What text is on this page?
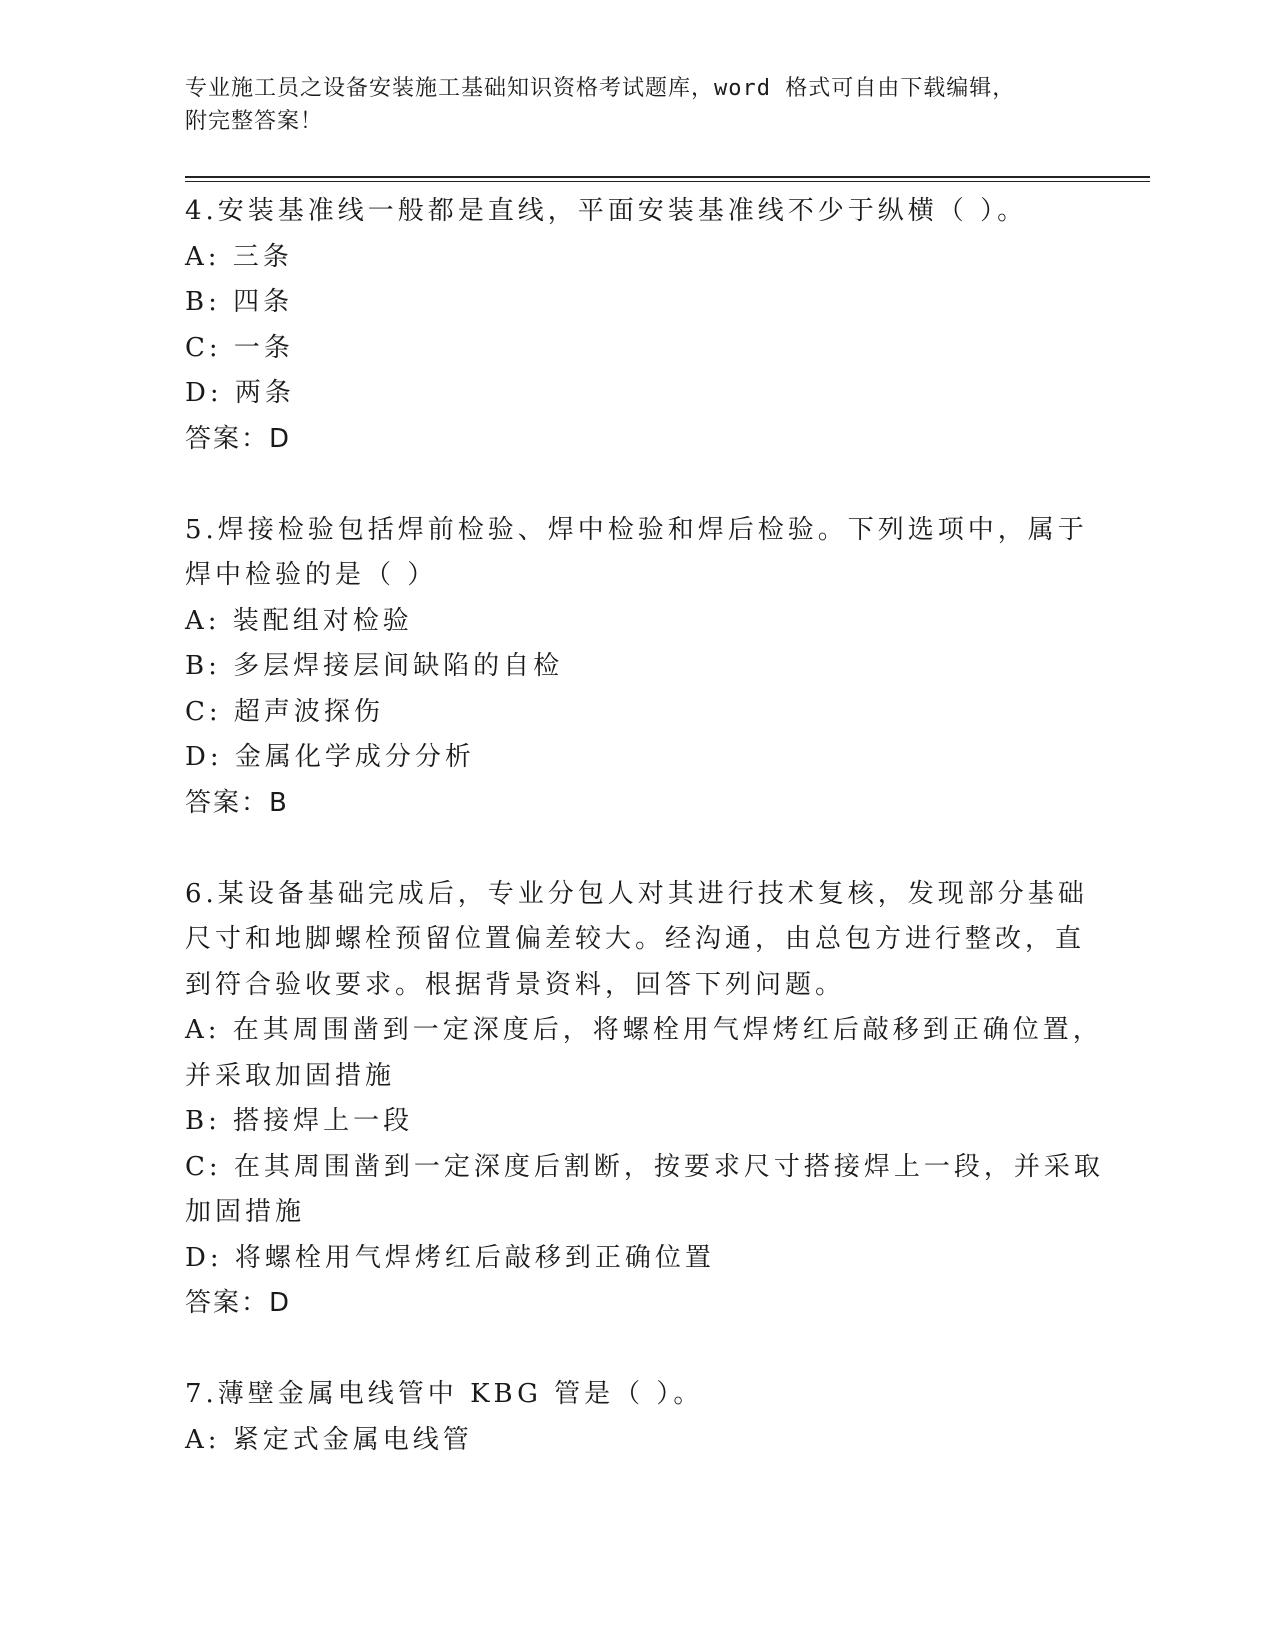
专业施工员之设备安装施工基础知识资格考试题库，word 格式可自由下载编辑，
附完整答案！
4.安装基准线一般都是直线，平面安装基准线不少于纵横（ ）。
A: 三条
B: 四条
C: 一条
D: 两条
答案：D
5.焊接检验包括焊前检验、焊中检验和焊后检验。下列选项中，属于
焊中检验的是（ ）
A: 装配组对检验
B: 多层焊接层间缺陷的自检
C: 超声波探伤
D: 金属化学成分分析
答案：B
6.某设备基础完成后，专业分包人对其进行技术复核，发现部分基础
尺寸和地脚螺栓预留位置偏差较大。经沟通，由总包方进行整改，直
到符合验收要求。根据背景资料，回答下列问题。
A: 在其周围凿到一定深度后，将螺栓用气焊烤红后敲移到正确位置，
并采取加固措施
B: 搭接焊上一段
C: 在其周围凿到一定深度后割断，按要求尺寸搭接焊上一段，并采取
加固措施
D: 将螺栓用气焊烤红后敲移到正确位置
答案：D
7.薄壁金属电线管中 KBG 管是（ ）。
A: 紧定式金属电线管
